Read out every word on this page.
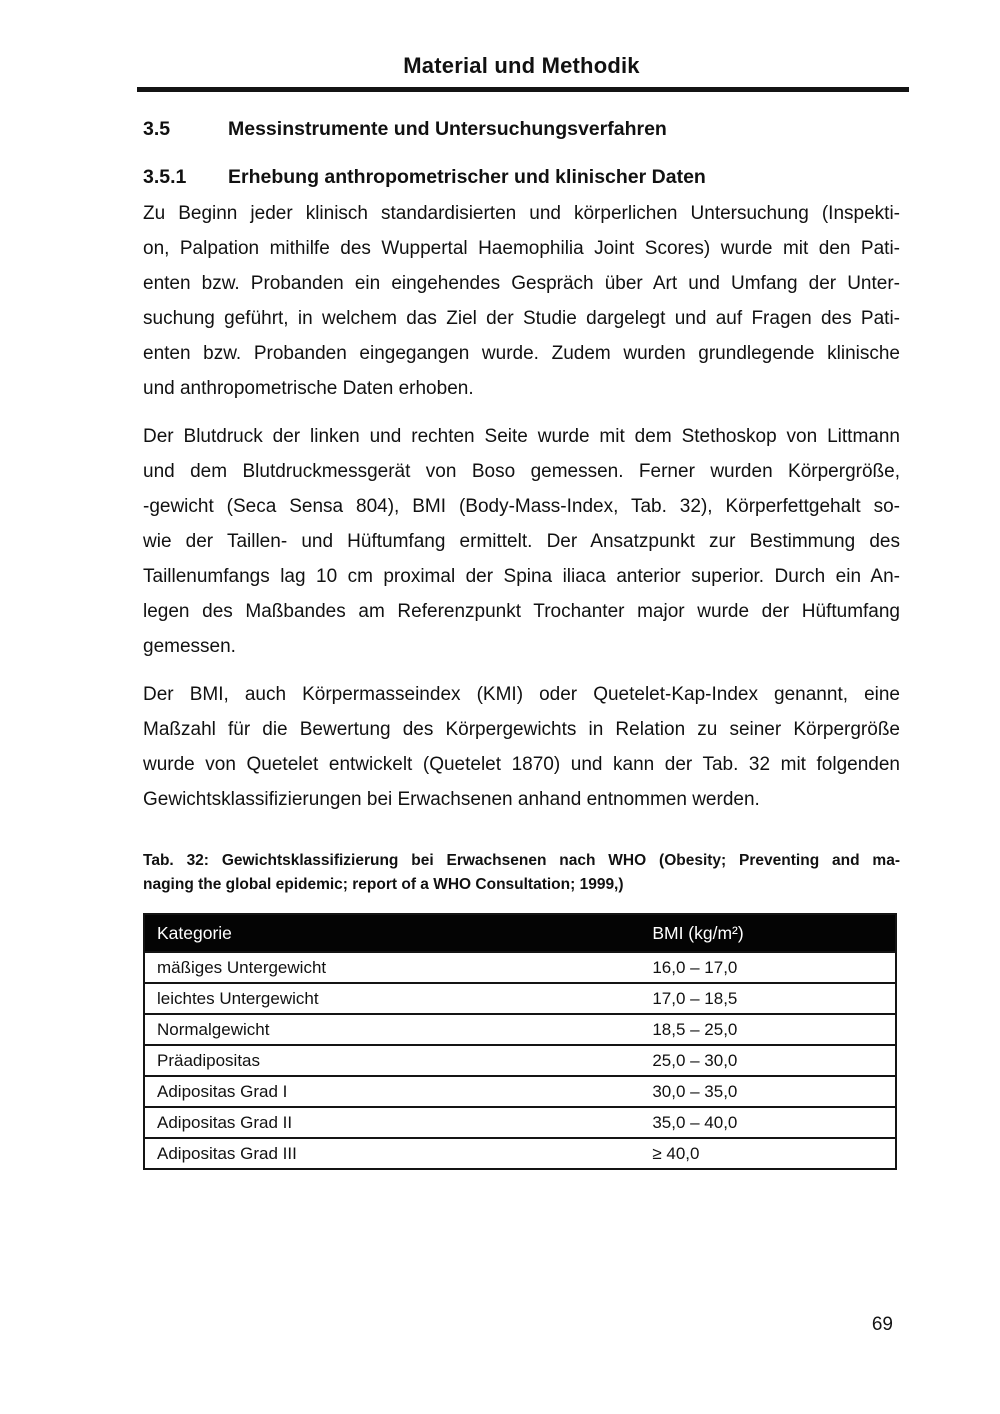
Material und Methodik
3.5	Messinstrumente und Untersuchungsverfahren
3.5.1	Erhebung anthropometrischer und klinischer Daten
Zu Beginn jeder klinisch standardisierten und körperlichen Untersuchung (Inspekti-
on, Palpation mithilfe des Wuppertal Haemophilia Joint Scores) wurde mit den Pati-
enten bzw. Probanden ein eingehendes Gespräch über Art und Umfang der Unter-
suchung geführt, in welchem das Ziel der Studie dargelegt und auf Fragen des Pati-
enten bzw. Probanden eingegangen wurde. Zudem wurden grundlegende klinische
und anthropometrische Daten erhoben.
Der Blutdruck der linken und rechten Seite wurde mit dem Stethoskop von Littmann
und dem Blutdruckmessgerät von Boso gemessen. Ferner wurden Körpergröße,
-gewicht (Seca Sensa 804), BMI (Body-Mass-Index, Tab. 32), Körperfettgehalt so-
wie der Taillen- und Hüftumfang ermittelt. Der Ansatzpunkt zur Bestimmung des
Taillenumfangs lag 10 cm proximal der Spina iliaca anterior superior. Durch ein An-
legen des Maßbandes am Referenzpunkt Trochanter major wurde der Hüftumfang
gemessen.
Der BMI, auch Körpermasseindex (KMI) oder Quetelet-Kap-Index genannt, eine
Maßzahl für die Bewertung des Körpergewichts in Relation zu seiner Körpergröße
wurde von Quetelet entwickelt (Quetelet 1870) und kann der Tab. 32 mit folgenden
Gewichtsklassifizierungen bei Erwachsenen anhand entnommen werden.
Tab. 32: Gewichtsklassifizierung bei Erwachsenen nach WHO (Obesity; Preventing and ma-
naging the global epidemic; report of a WHO Consultation; 1999,)
Kategorie	BMI (kg/m²)
mäßiges Untergewicht	16,0 – 17,0
leichtes Untergewicht	17,0 – 18,5
Normalgewicht	18,5 – 25,0
Präadipositas	25,0 – 30,0
Adipositas Grad I	30,0 – 35,0
Adipositas Grad II	35,0 – 40,0
Adipositas Grad III	≥ 40,0
69
